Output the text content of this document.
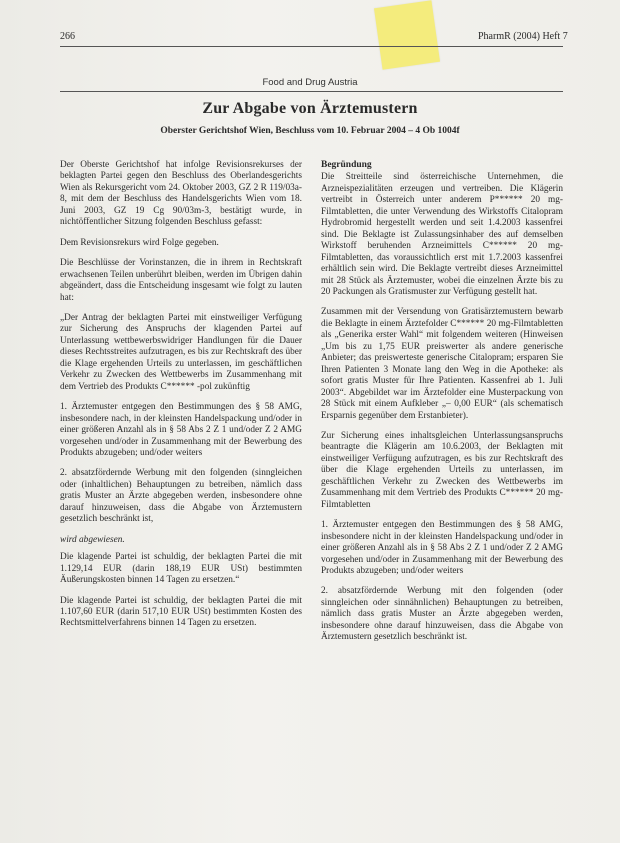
266	PharmR (2004) Heft 7
Food and Drug Austria
Zur Abgabe von Ärztemustern
Oberster Gerichtshof Wien, Beschluss vom 10. Februar 2004 – 4 Ob 1004f

Der Oberste Gerichtshof hat infolge Revisionsrekurses der beklagten Partei gegen den Beschluss des Oberlandesgerichts Wien als Rekursgericht vom 24. Oktober 2003, GZ 2 R 119/03a-8, mit dem der Beschluss des Handelsgerichts Wien vom 18. Juni 2003, GZ 19 Cg 90/03m-3, bestätigt wurde, in nichtöffentlicher Sitzung folgenden Beschluss gefasst:

Dem Revisionsrekurs wird Folge gegeben.

Die Beschlüsse der Vorinstanzen, die in ihrem in Rechtskraft erwachsenen Teilen unberührt bleiben, werden im Übrigen dahin abgeändert, dass die Entscheidung insgesamt wie folgt zu lauten hat:

„Der Antrag der beklagten Partei mit einstweiliger Verfügung zur Sicherung des Anspruchs der klagenden Partei auf Unterlassung wettbewerbswidriger Handlungen für die Dauer dieses Rechtsstreites aufzutragen, es bis zur Rechtskraft des über die Klage ergehenden Urteils zu unterlassen, im geschäftlichen Verkehr zu Zwecken des Wettbewerbs im Zusammenhang mit dem Vertrieb des Produkts C****** -pol zukünftig

1. Ärztemuster entgegen den Bestimmungen des § 58 AMG, insbesondere nach, in der kleinsten Handelspackung und/oder in einer größeren Anzahl als in § 58 Abs 2 Z 1 und/oder Z 2 AMG vorgesehen und/oder in Zusammenhang mit der Bewerbung des Produkts abzugeben; und/oder weiters

2. absatzfördernde Werbung mit den folgenden (sinngleichen oder (inhaltlichen) Behauptungen zu betreiben, nämlich dass gratis Muster an Ärzte abgegeben werden, insbesondere ohne darauf hinzuweisen, dass die Abgabe von Ärztemustern gesetzlich beschränkt ist,

wird abgewiesen.

Die klagende Partei ist schuldig, der beklagten Partei die mit 1.129,14 EUR (darin 188,19 EUR USt) bestimmten Äußerungskosten binnen 14 Tagen zu ersetzen.“

Die klagende Partei ist schuldig, der beklagten Partei die mit 1.107,60 EUR (darin 517,10 EUR USt) bestimmten Kosten des Rechtsmittelverfahrens binnen 14 Tagen zu ersetzen.

Begründung

Die Streitteile sind österreichische Unternehmen, die Arzneispezialitäten erzeugen und vertreiben. Die Klägerin vertreibt in Österreich unter anderem P****** 20 mg-Filmtabletten, die unter Verwendung des Wirkstoffs Citalopram Hydrobromid hergestellt werden und seit 1.4.2003 kassenfrei sind. Die Beklagte ist Zulassungsinhaber des auf demselben Wirkstoff beruhenden Arzneimittels C****** 20 mg-Filmtabletten, das voraussichtlich erst mit 1.7.2003 kassenfrei erhältlich sein wird. Die Beklagte vertreibt dieses Arzneimittel mit 28 Stück als Ärztemuster, wobei die einzelnen Ärzte bis zu 20 Packungen als Gratismuster zur Verfügung gestellt hat.

Zusammen mit der Versendung von Gratisärztemustern bewarb die Beklagte in einem Ärztefolder C****** 20 mg-Filmtabletten als „Generika erster Wahl“ mit folgendem weiteren (Hinweisen „Um bis zu 1,75 EUR preiswerter als andere generische Anbieter; das preiswerteste generische Citalopram; ersparen Sie Ihren Patienten 3 Monate lang den Weg in die Apotheke: als sofort gratis Muster für Ihre Patienten. Kassenfrei ab 1. Juli 2003“. Abgebildet war im Ärztefolder eine Musterpackung von 28 Stück mit einem Aufkleber „– 0,00 EUR“ (als schematisch Ersparnis gegenüber dem Erstanbieter).

Zur Sicherung eines inhaltsgleichen Unterlassungsanspruchs beantragte die Klägerin am 10.6.2003, der Beklagten mit einstweiliger Verfügung aufzutragen, es bis zur Rechtskraft des über die Klage ergehenden Urteils zu unterlassen, im geschäftlichen Verkehr zu Zwecken des Wettbewerbs im Zusammenhang mit dem Vertrieb des Produkts C****** 20 mg-Filmtabletten

1. Ärztemuster entgegen den Bestimmungen des § 58 AMG, insbesondere nicht in der kleinsten Handelspackung und/oder in einer größeren Anzahl als in § 58 Abs 2 Z 1 und/oder Z 2 AMG vorgesehen und/oder in Zusammenhang mit der Bewerbung des Produkts abzugeben; und/oder weiters

2. absatzfördernde Werbung mit den folgenden (oder sinngleichen oder sinnähnlichen) Behauptungen zu betreiben, nämlich dass gratis Muster an Ärzte abgegeben werden, insbesondere ohne darauf hinzuweisen, dass die Abgabe von Ärztemustern gesetzlich beschränkt ist.
